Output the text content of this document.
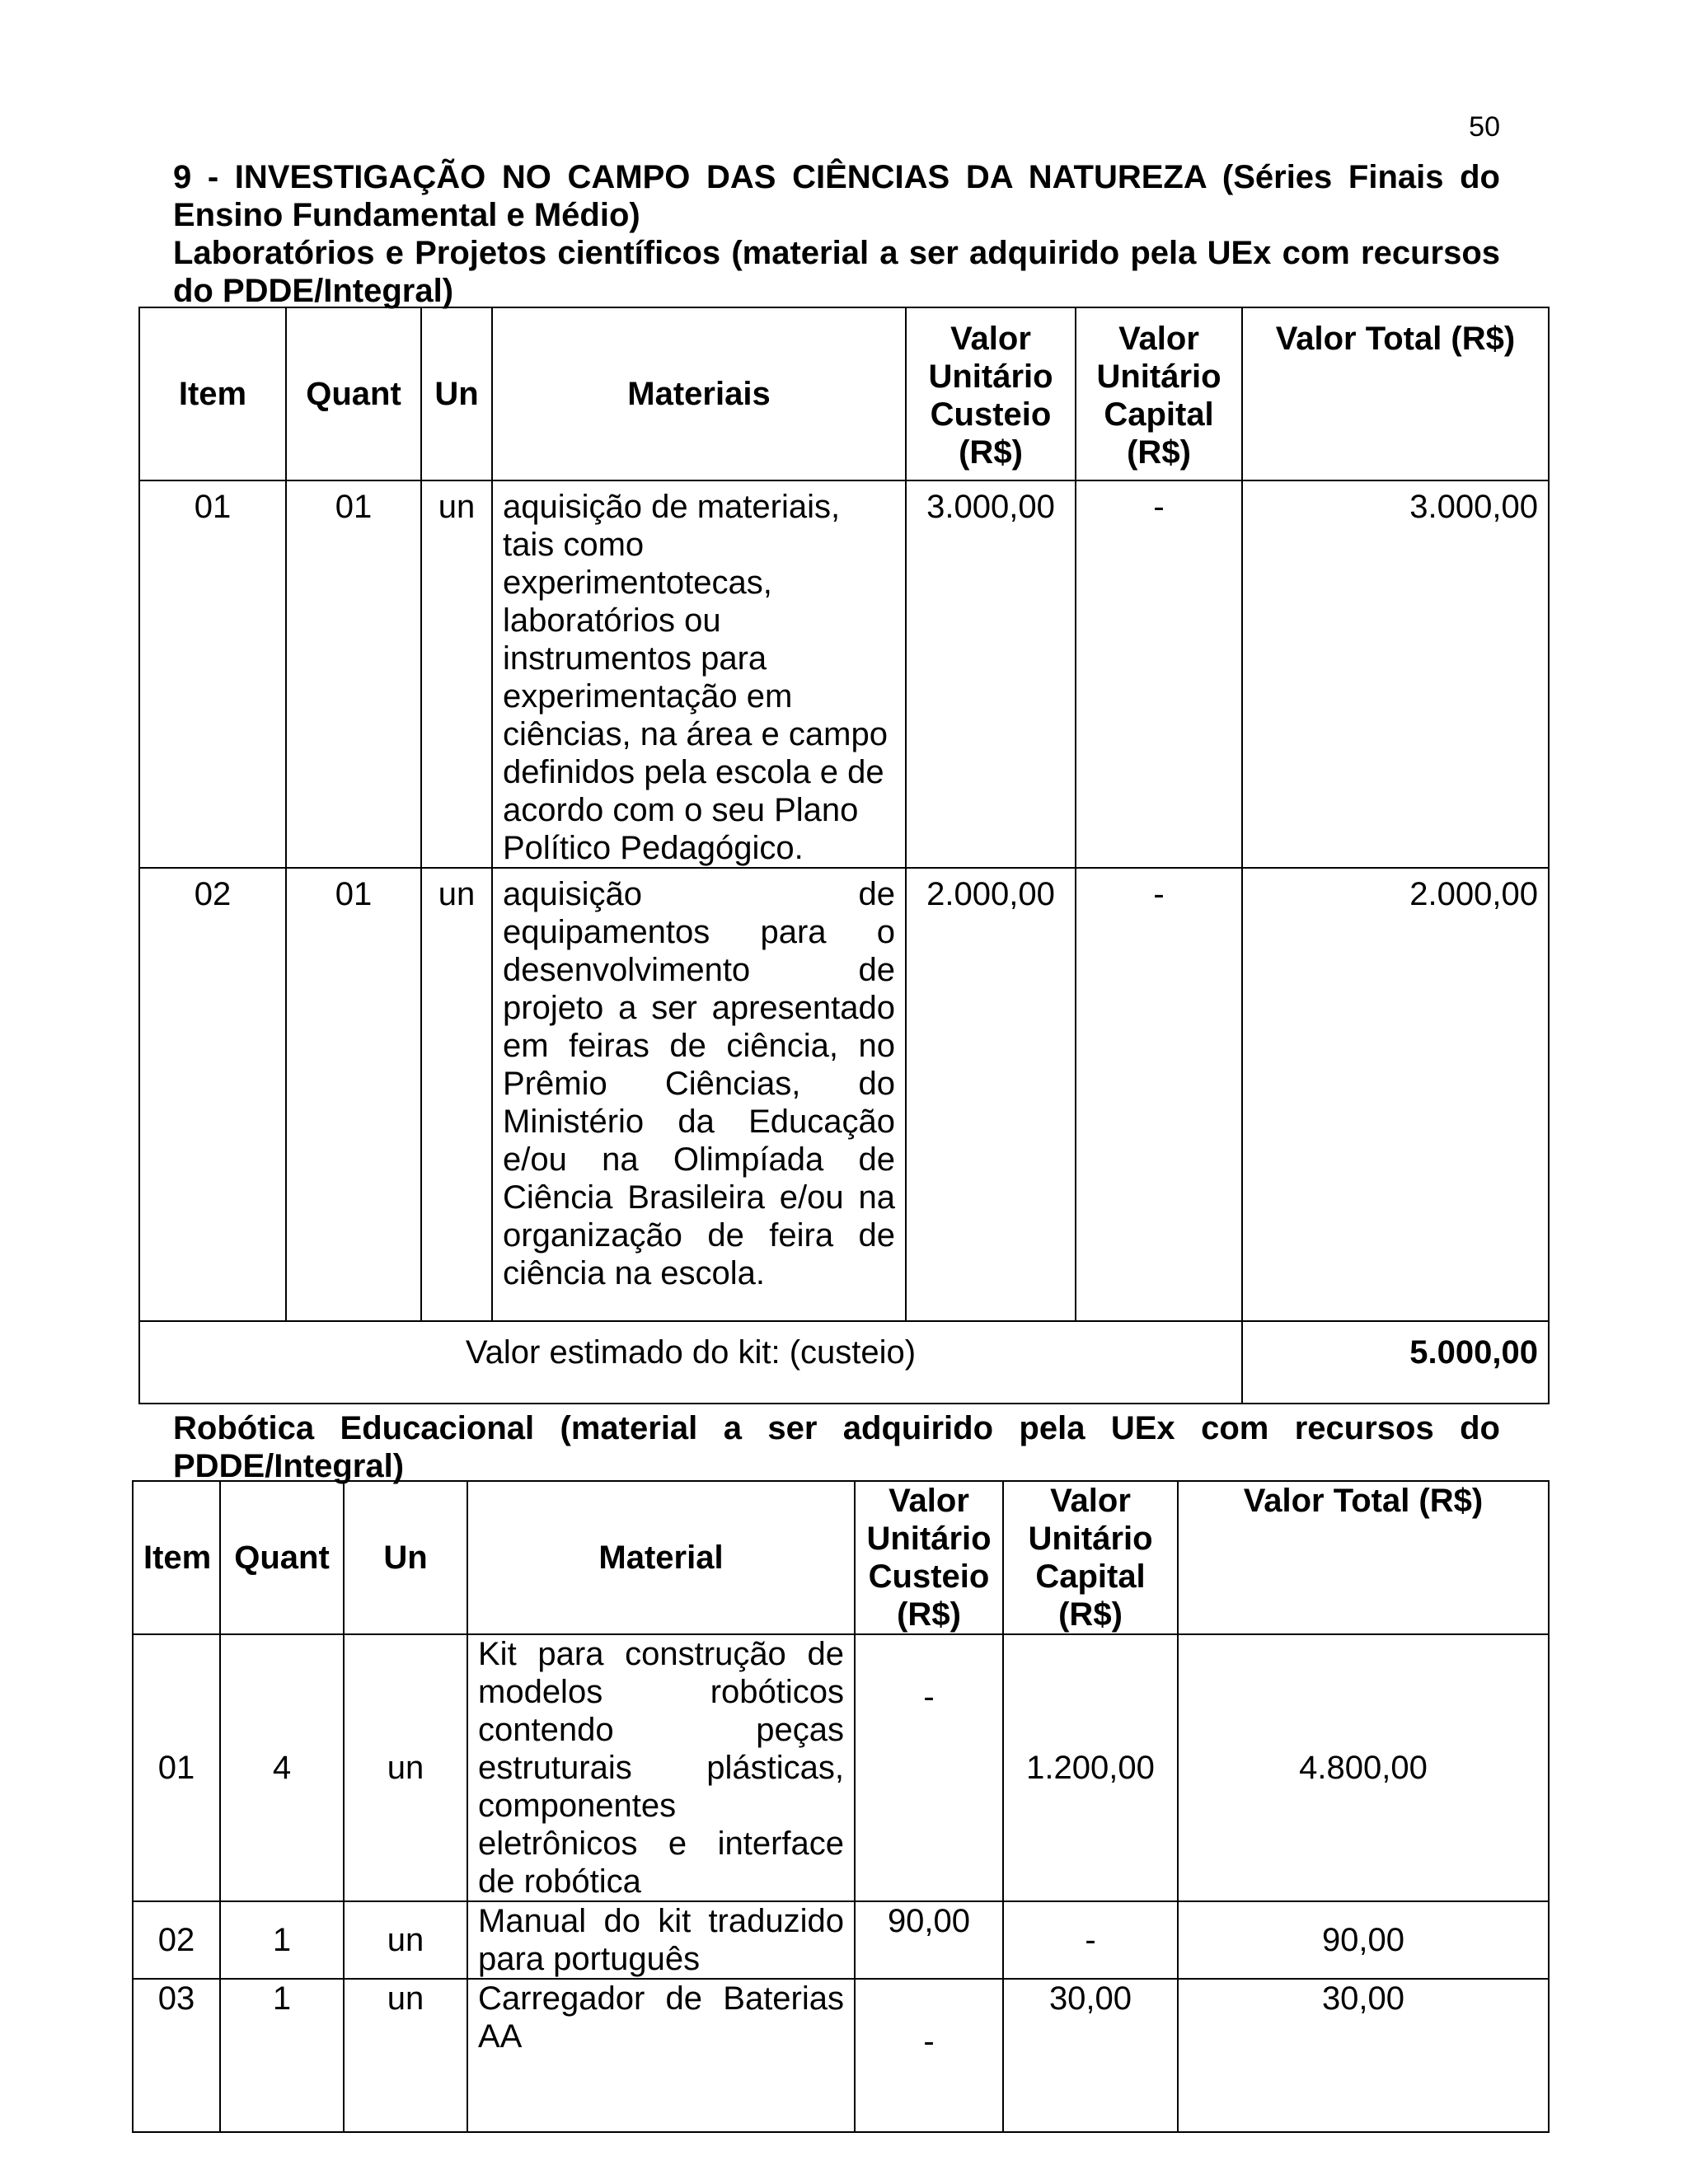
50
9 - INVESTIGAÇÃO NO CAMPO DAS CIÊNCIAS DA NATUREZA (Séries Finais do Ensino Fundamental e Médio)
Laboratórios e Projetos científicos (material a ser adquirido pela UEx com recursos do PDDE/Integral)
Item	Quant	Un	Materiais	Valor Unitário Custeio (R$)	Valor Unitário Capital (R$)	Valor Total (R$)
01	01	un	aquisição de materiais, tais como experimentotecas, laboratórios ou instrumentos para experimentação em ciências, na área e campo definidos pela escola e de acordo com o seu Plano Político Pedagógico.	3.000,00	-	3.000,00
02	01	un	aquisição de equipamentos para o desenvolvimento de projeto a ser apresentado em feiras de ciência, no Prêmio Ciências, do Ministério da Educação e/ou na Olimpíada de Ciência Brasileira e/ou na organização de feira de ciência na escola.	2.000,00	-	2.000,00
Valor estimado do kit: (custeio)						5.000,00
Robótica Educacional (material a ser adquirido pela UEx com recursos do PDDE/Integral)
Item	Quant	Un	Material	Valor Unitário Custeio (R$)	Valor Unitário Capital (R$)	Valor Total (R$)
01	4	un	Kit para construção de modelos robóticos contendo peças estruturais plásticas, componentes eletrônicos e interface de robótica	-	1.200,00	4.800,00
02	1	un	Manual do kit traduzido para português	90,00	-	90,00
03	1	un	Carregador de Baterias AA	-	30,00	30,00
